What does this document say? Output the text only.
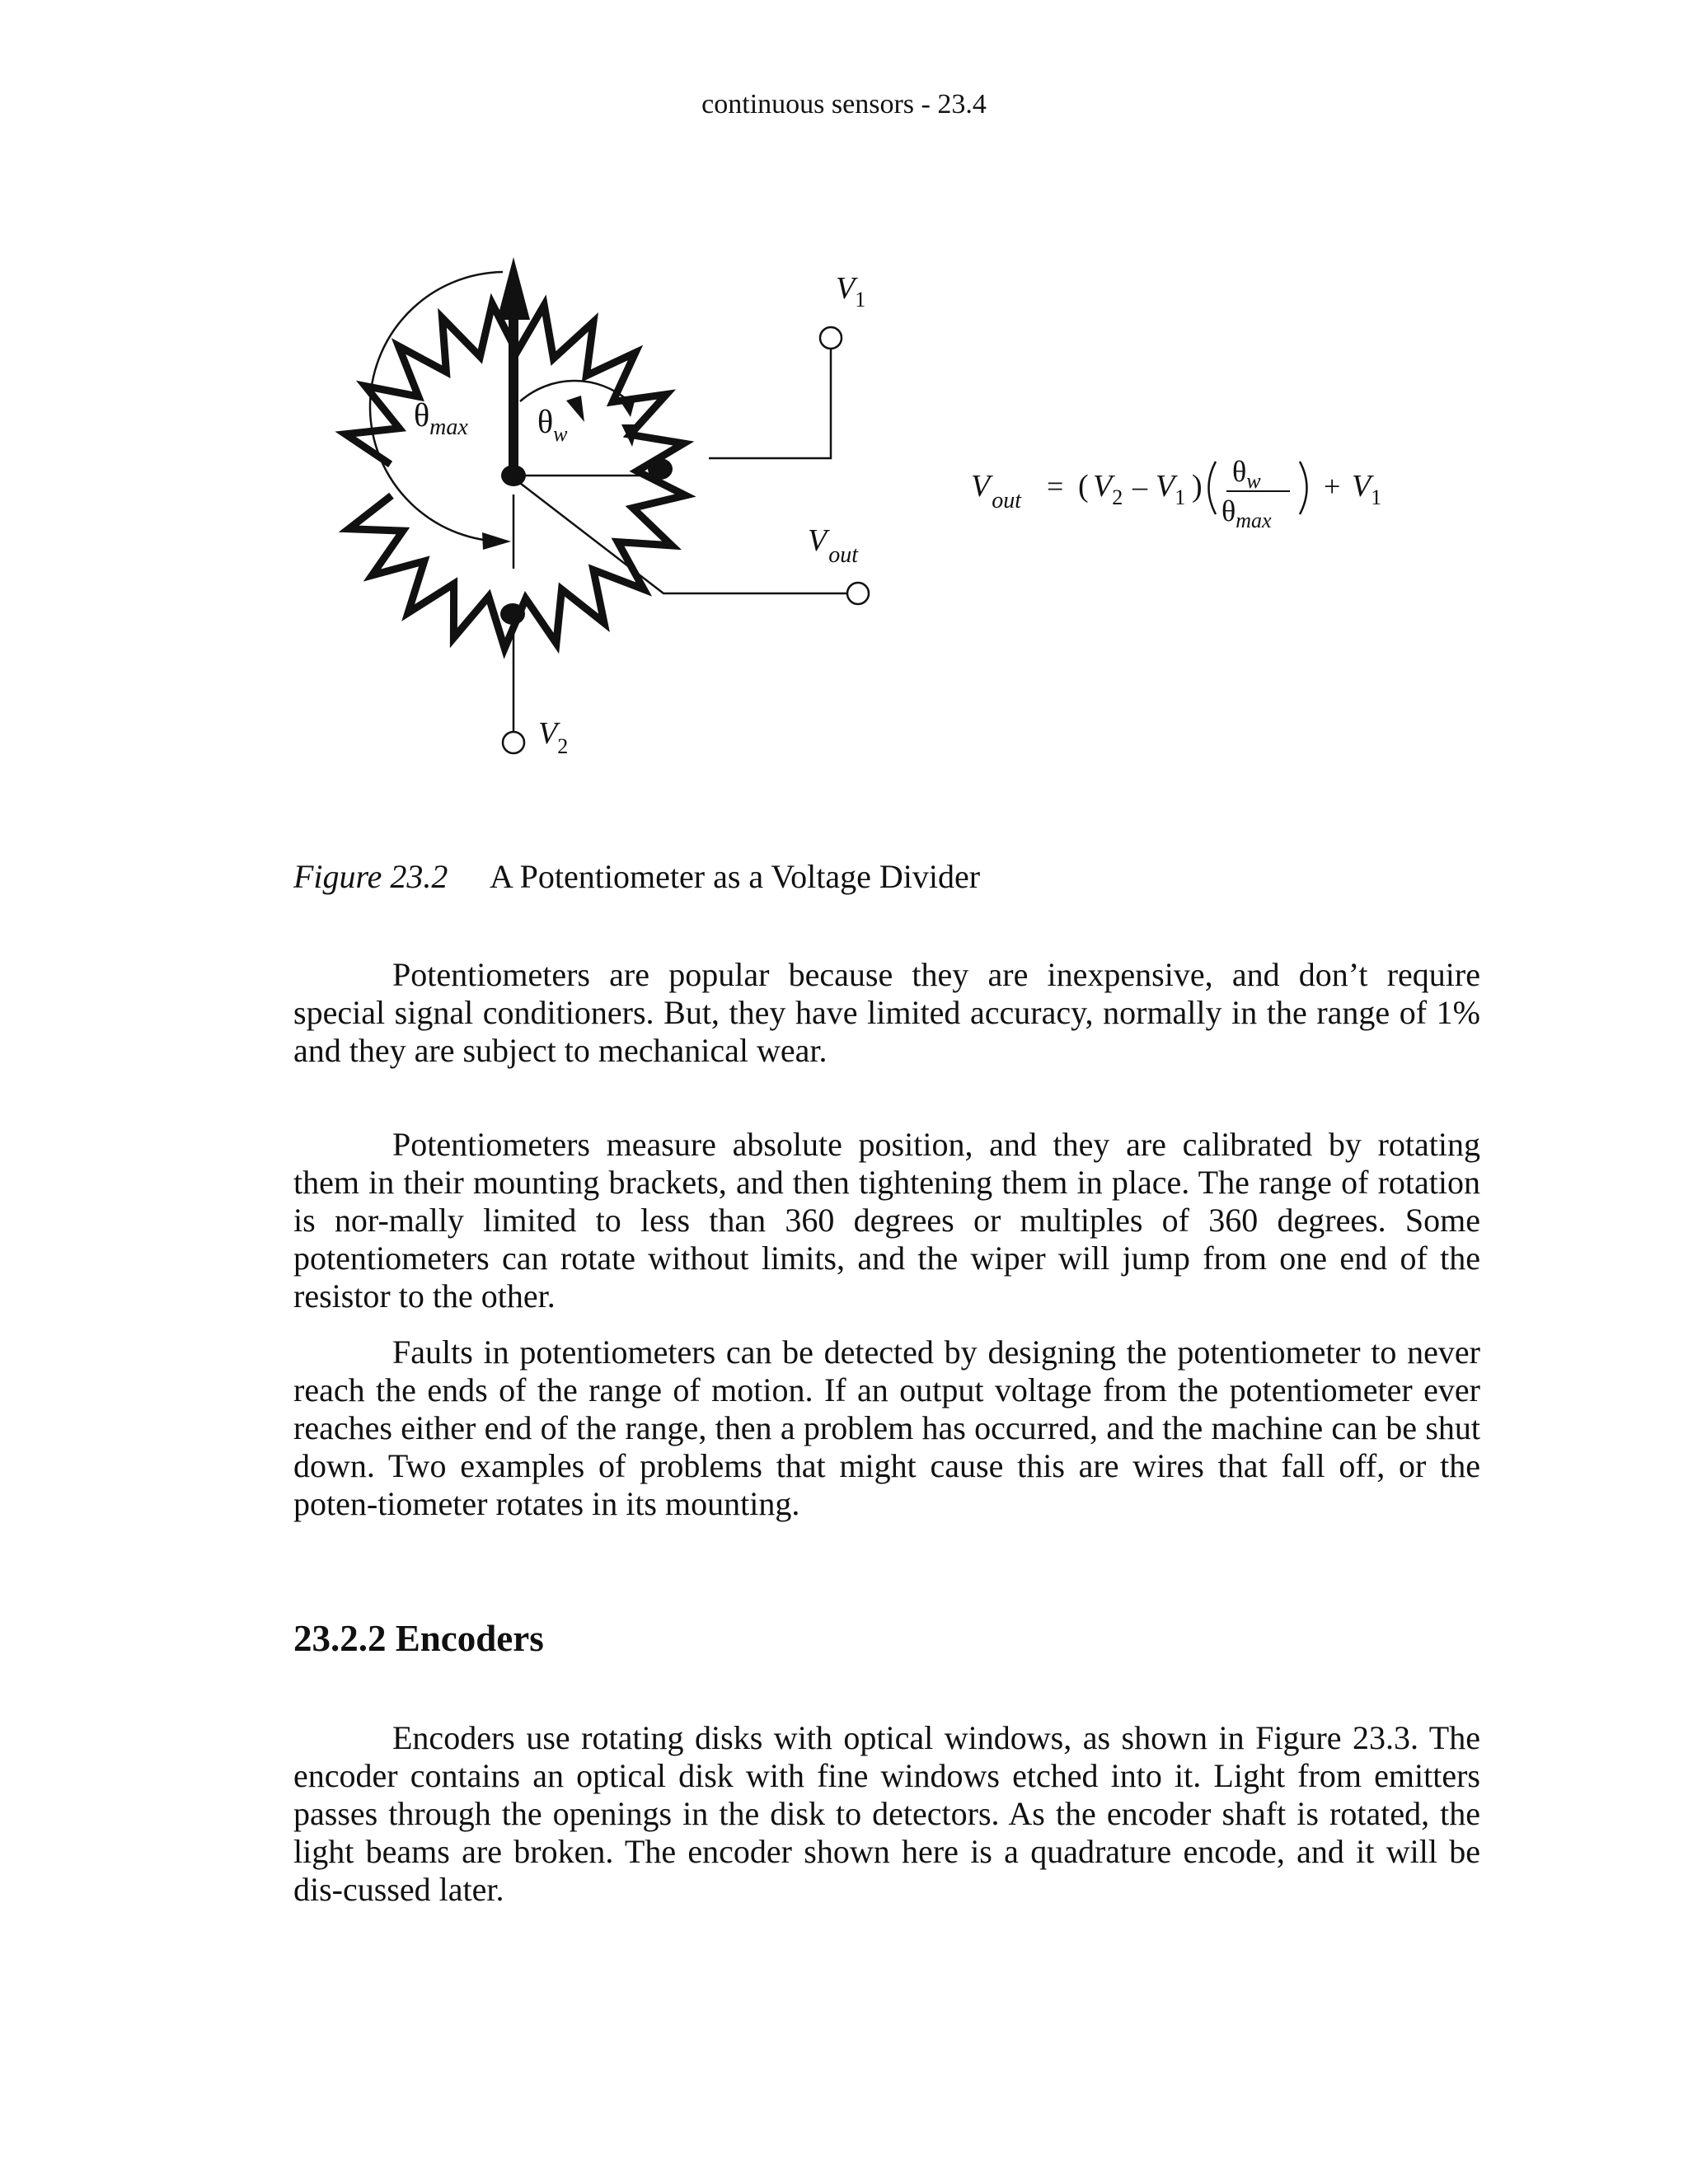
continuous sensors - 23.4
$V_1$
$V_{out}$
$V_2$
$\theta_{max}$ $\theta_w$
$V_{out}$ = ( $V_2 - V_1$ ) $\theta_w$
$\theta_{max}$
+ $V_1$
Figure 23.2 A Potentiometer as a Voltage Divider

Potentiometers are popular because they are inexpensive, and don’t require special signal conditioners. But, they have limited accuracy, normally in the range of 1% and they are subject to mechanical wear.

Potentiometers measure absolute position, and they are calibrated by rotating them in their mounting brackets, and then tightening them in place. The range of rotation is nor-mally limited to less than 360 degrees or multiples of 360 degrees. Some potentiometers can rotate without limits, and the wiper will jump from one end of the resistor to the other.

Faults in potentiometers can be detected by designing the potentiometer to never reach the ends of the range of motion. If an output voltage from the potentiometer ever reaches either end of the range, then a problem has occurred, and the machine can be shut down. Two examples of problems that might cause this are wires that fall off, or the poten-tiometer rotates in its mounting.

23.2.2 Encoders

Encoders use rotating disks with optical windows, as shown in Figure 23.3. The encoder contains an optical disk with fine windows etched into it. Light from emitters passes through the openings in the disk to detectors. As the encoder shaft is rotated, the light beams are broken. The encoder shown here is a quadrature encode, and it will be dis-cussed later.
